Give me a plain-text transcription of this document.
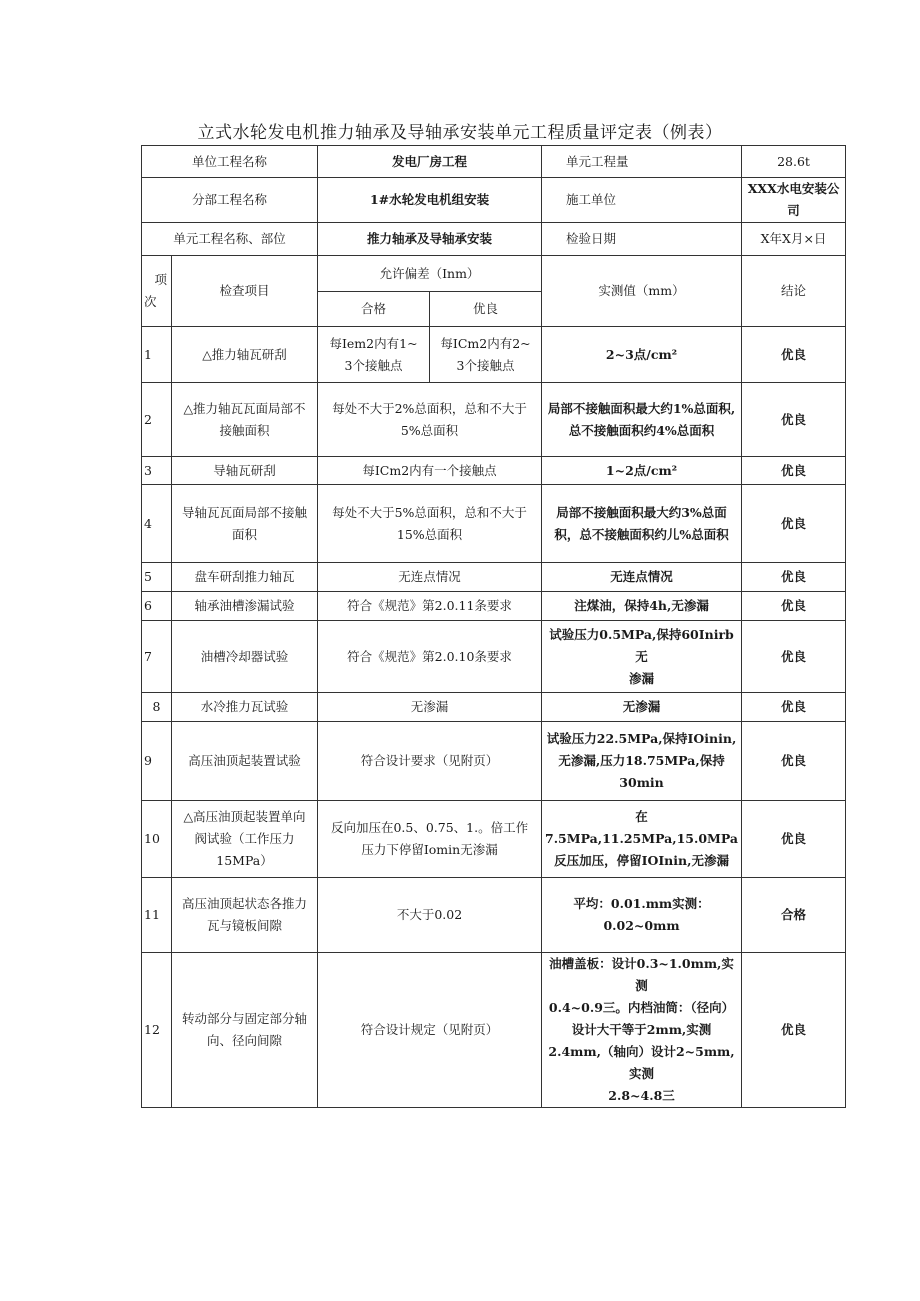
立式水轮发电机推力轴承及导轴承安装单元工程质量评定表（例表）
单位工程名称		发电厂房工程		单元工程量	28.6t
分部工程名称		1#水轮发电机组安装		施工单位	XXX水电安装公司
单元工程名称、部位		推力轴承及导轴承安装		检验日期	X年X月×日

项
次	检查项目	允许偏差（Inm）		实测值（mm）	结论
		合格	优良		
1	△推力轴瓦研刮	每Iem2内有1~
3个接触点	每ICm2内有2~
3个接触点	2~3点/cm²	优良
2	△推力轴瓦瓦面局部不
接触面积	每处不大于2%总面积，总和不大于
5%总面积		局部不接触面积最大约1%总面积,
总不接触面积约4%总面积	优良
3	导轴瓦研刮	每ICm2内有一个接触点		1~2点/cm²	优良
4	导轴瓦瓦面局部不接触
面积	每处不大于5%总面积，总和不大于
15%总面积		局部不接触面积最大约3%总面
积，总不接触面积约儿%总面积	优良
5	盘车研刮推力轴瓦	无连点情况		无连点情况	优良
6	轴承油槽渗漏试验	符合《规范》第2.0.11条要求		注煤油，保持4h,无渗漏	优良
7	油槽冷却器试验	符合《规范》第2.0.10条要求		试验压力0.5MPa,保持60Inirb无
渗漏	优良
8	水冷推力瓦试验	无渗漏		无渗漏	优良
9	高压油顶起装置试验	符合设计要求（见附页）		试验压力22.5MPa,保持IOinin,
无渗漏,压力18.75MPa,保持
30min	优良
10	△高压油顶起装置单向
阀试验（工作压力
15MPa）	反向加压在0.5、0.75、1.。倍工作
压力下停留Iomin无渗漏		在7.5MPa,11.25MPa,15.0MPa
反压加压，停留IOInin,无渗漏	优良
11	高压油顶起状态各推力
瓦与镜板间隙	不大于0.02		平均：0.01.mm实测：0.02~0mm	合格
12	转动部分与固定部分轴
向、径向间隙	符合设计规定（见附页）		油槽盖板：设计0.3~1.0mm,实测
0.4~0.9三。内档油筒：（径向）
设计大干等于2mm,实测
2.4mm,（轴向）设计2~5mm,实测
2.8~4.8三	优良
